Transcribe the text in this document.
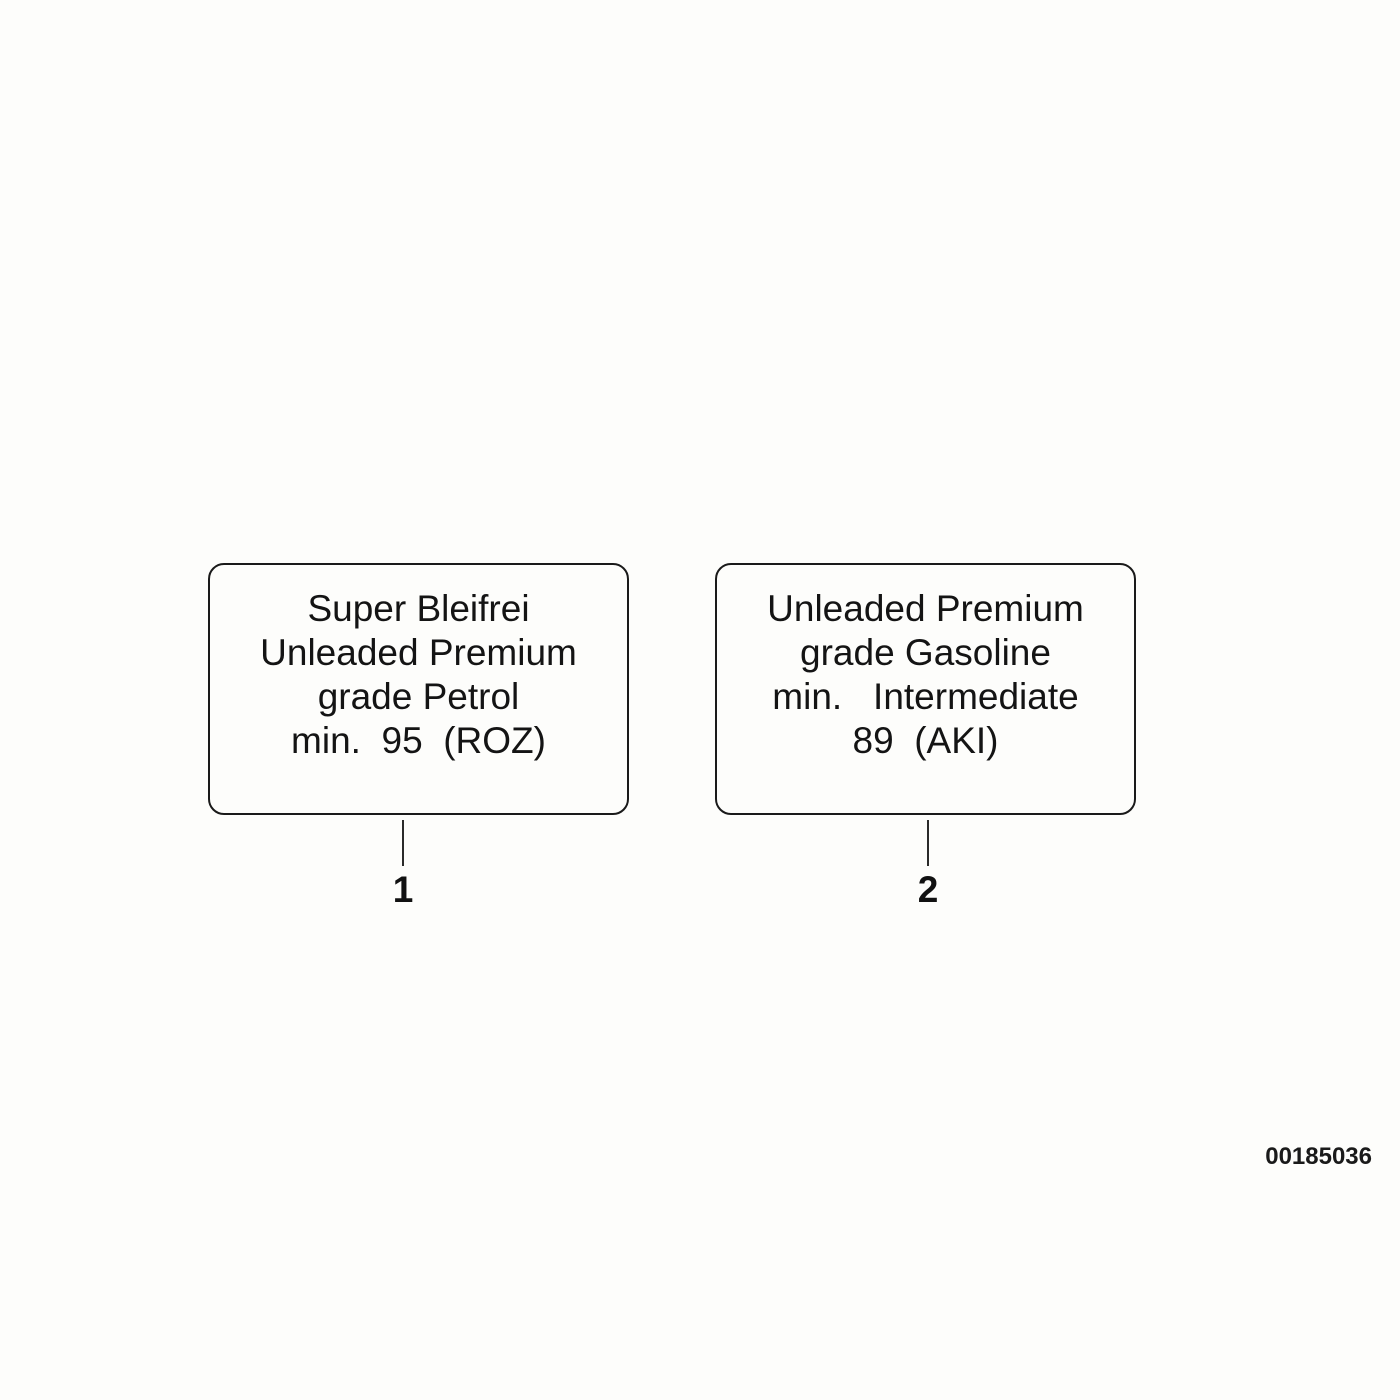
Super Bleifrei
Unleaded Premium
grade Petrol
min.  95  (ROZ)
Unleaded Premium
grade Gasoline
min.   Intermediate
89  (AKI)
1	2
00185036
